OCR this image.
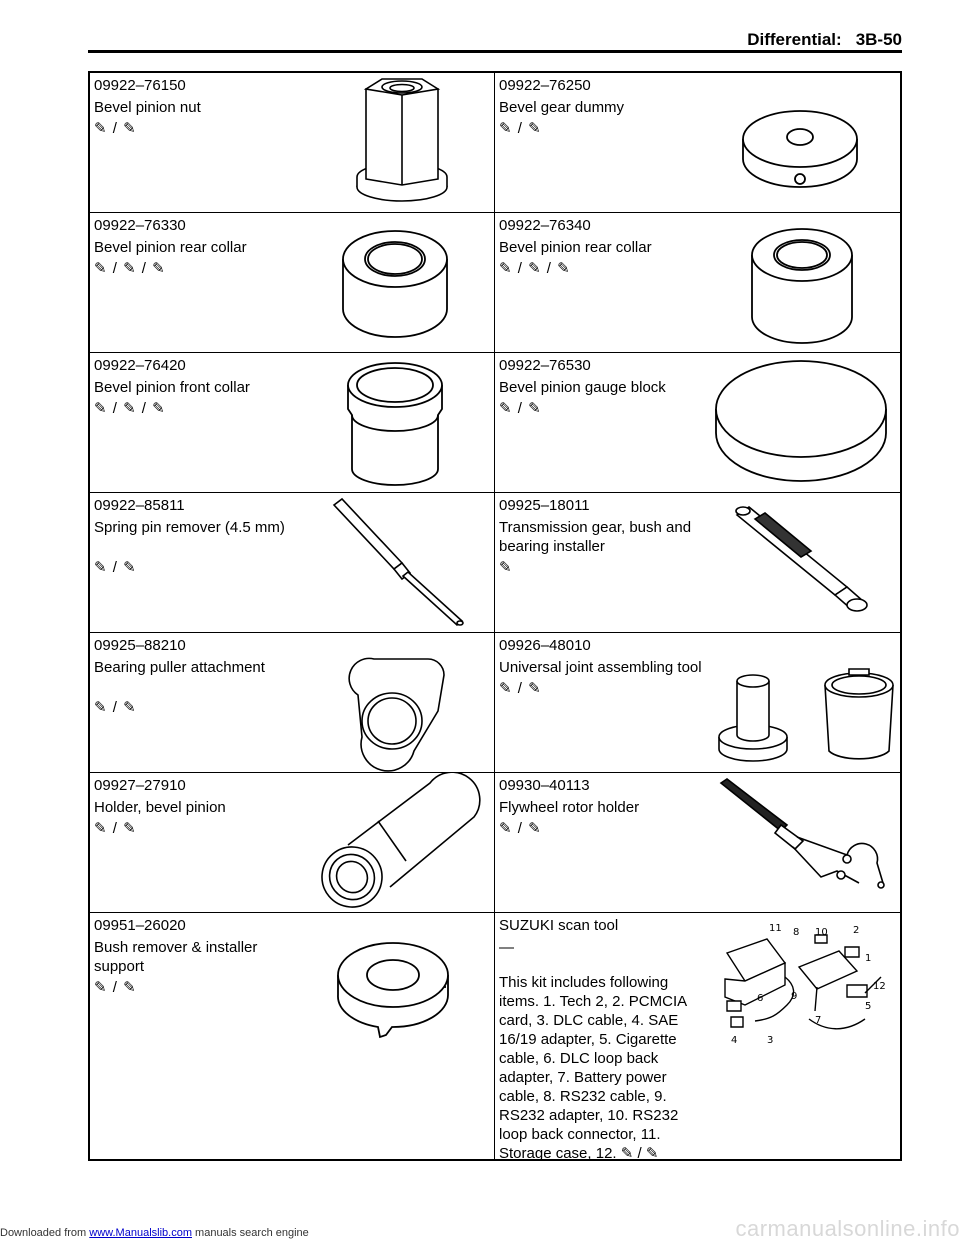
Differential: 3B-50
09922–76150
Bevel pinion nut
✎ / ✎
09922–76250
Bevel gear dummy
✎ / ✎
09922–76330
Bevel pinion rear collar
✎ / ✎ / ✎
09922–76340
Bevel pinion rear collar
✎ / ✎ / ✎
09922–76420
Bevel pinion front collar
✎ / ✎ / ✎
09922–76530
Bevel pinion gauge block
✎ / ✎
09922–85811
Spring pin remover (4.5 mm)
✎ / ✎
09925–18011
Transmission gear, bush and bearing installer
✎
09925–88210
Bearing puller attachment
✎ / ✎
09926–48010
Universal joint assembling tool
✎ / ✎
09927–27910
Holder, bevel pinion
✎ / ✎
09930–40113
Flywheel rotor holder
✎ / ✎
09951–26020
Bush remover & installer support
✎ / ✎
SUZUKI scan tool
—
This kit includes following items. 1. Tech 2, 2. PCMCIA card, 3. DLC cable, 4. SAE 16/19 adapter, 5. Cigarette cable, 6. DLC loop back adapter, 7. Battery power cable, 8. RS232 cable, 9. RS232 adapter, 10. RS232 loop back connector, 11. Storage case, 12. ✎ / ✎
11 8 10	2
1
12
5
6	9
7
4	3
Downloaded from www.Manualslib.com manuals search engine	carmanualsonline.info
